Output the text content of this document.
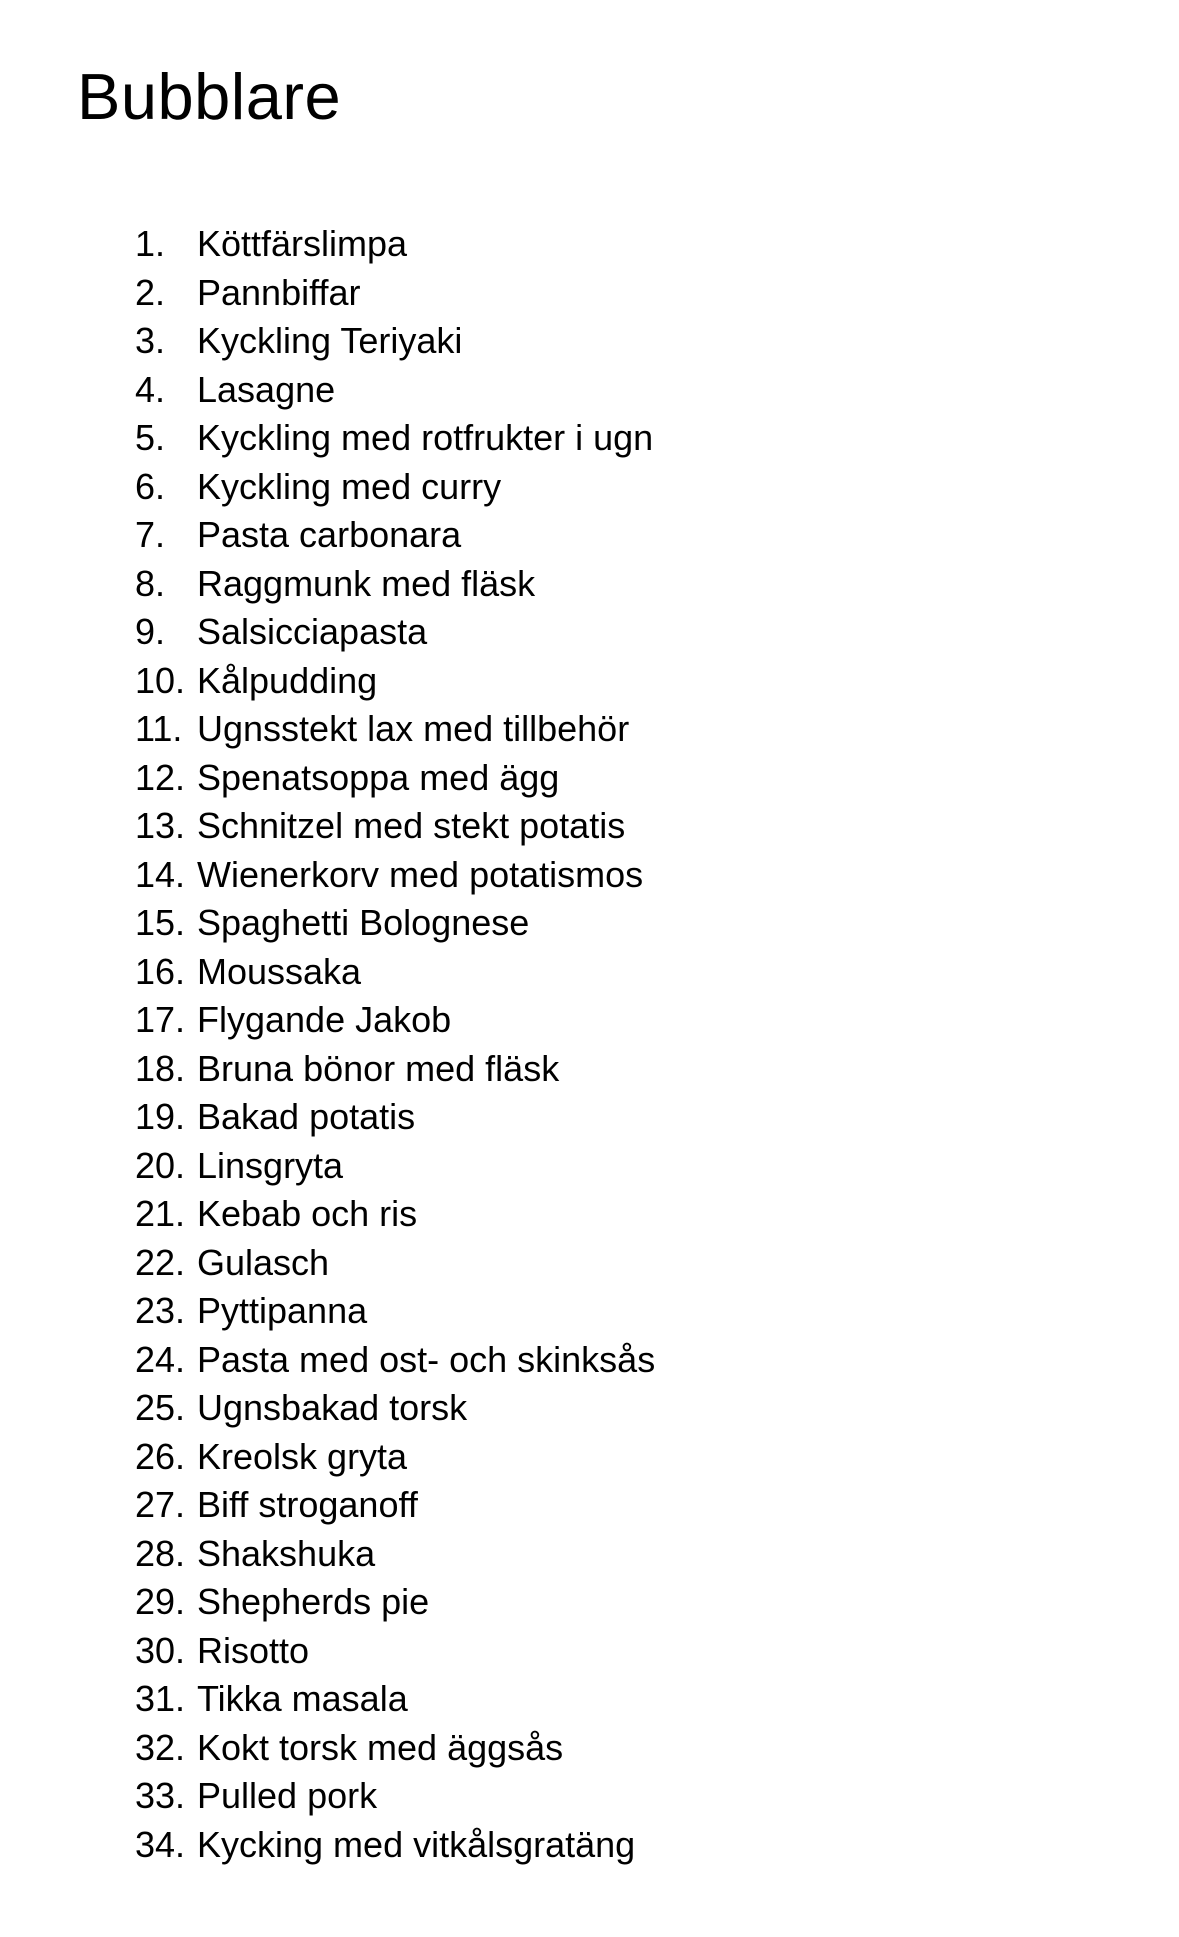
Bubblare
1. Köttfärslimpa
2. Pannbiffar
3. Kyckling Teriyaki
4. Lasagne
5. Kyckling med rotfrukter i ugn
6. Kyckling med curry
7. Pasta carbonara
8. Raggmunk med fläsk
9. Salsicciapasta
10. Kålpudding
11. Ugnsstekt lax med tillbehör
12. Spenatsoppa med ägg
13. Schnitzel med stekt potatis
14. Wienerkorv med potatismos
15. Spaghetti Bolognese
16. Moussaka
17. Flygande Jakob
18. Bruna bönor med fläsk
19. Bakad potatis
20. Linsgryta
21. Kebab och ris
22. Gulasch
23. Pyttipanna
24. Pasta med ost- och skinksås
25. Ugnsbakad torsk
26. Kreolsk gryta
27. Biff stroganoff
28. Shakshuka
29. Shepherds pie
30. Risotto
31. Tikka masala
32. Kokt torsk med äggsås
33. Pulled pork
34. Kycking med vitkålsgratäng
